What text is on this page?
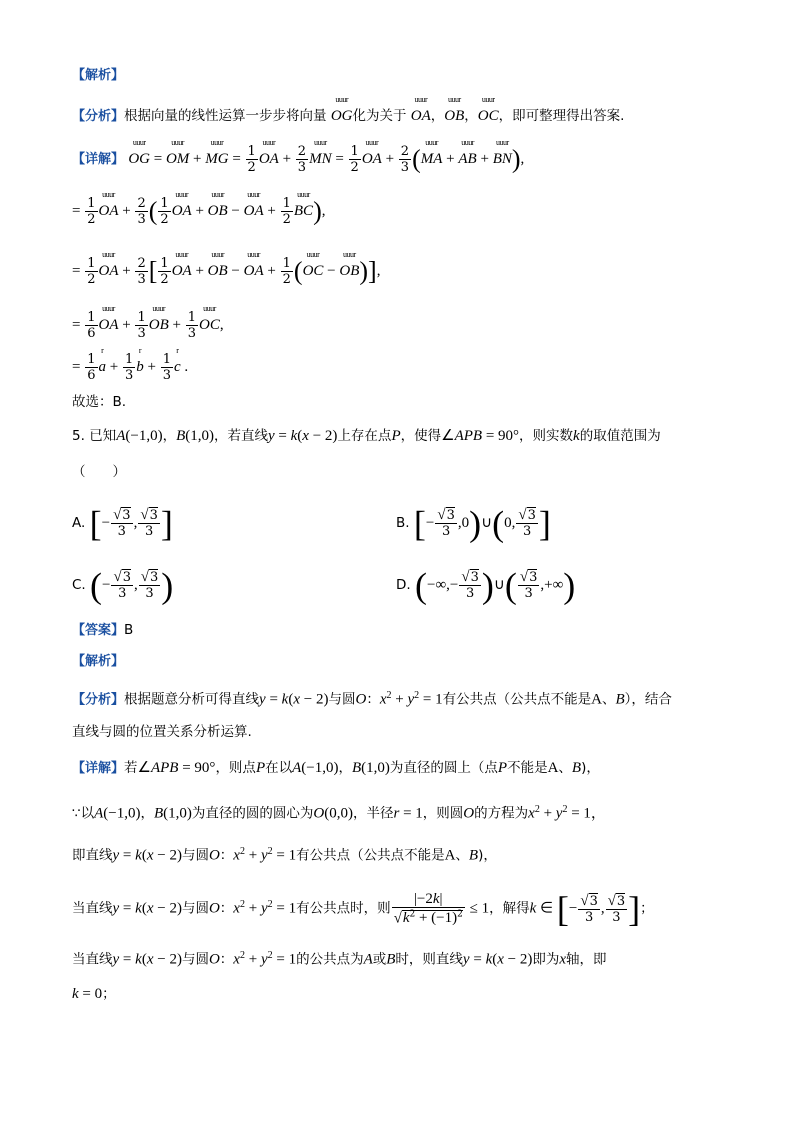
【解析】
【分析】根据向量的线性运算一步步将向量 uuur OG化为关于 uuur OA，uuur OB，uuur OC，即可整理得出答案.
【详解】 uuur OG = uuur OM + uuur MG = $\frac{1}{2}$ uuur OA + $\frac{2}{3}$ uuur MN = $\frac{1}{2}$ uuur OA + $\frac{2}{3}$ (uuur MA + uuur AB + uuur BN),
= $\frac{1}{2}$ uuur OA + $\frac{2}{3}$ ( $\frac{1}{2}$ uuur OA + uuur OB − uuur OA + $\frac{1}{2}$ uuur BC),
= $\frac{1}{2}$ uuur OA + $\frac{2}{3}$ [ $\frac{1}{2}$ uuur OA + uuur OB − uuur OA + $\frac{1}{2}$ (uuur OC − uuur OB)],
= $\frac{1}{6}$ uuur OA + $\frac{1}{3}$ uuur OB + $\frac{1}{3}$ uuur OC,
= $\frac{1}{6}$ r $a + \frac{1}{3}$ r $b + \frac{1}{3}$ r c .
故选：B.
5. 已知A(−1,0)，B(1,0)，若直线y = k(x − 2)上存在点P，使得∠APB = 90°，则实数k的取值范围为
（　　）
A. [− $\frac{√3}{3}$ , $\frac{√3}{3}$ ]	B. [− $\frac{√3}{3}$ ,0)∪(0, $\frac{√3}{3}$ ]
C. (− $\frac{√3}{3}$ , $\frac{√3}{3}$ )	D. (−∞,− $\frac{√3}{3}$ )∪( $\frac{√3}{3}$ ,+∞)
【答案】B
【解析】
【分析】根据题意分析可得直线y = k(x − 2)与圆O：$x^2 + y^2 = 1$有公共点（公共点不能是A、B），结合
直线与圆的位置关系分析运算.
【详解】若∠APB = 90°，则点P在以A(−1,0)，B(1,0)为直径的圆上（点P不能是A、B)，
∵以A(−1,0)，B(1,0)为直径的圆的圆心为O(0,0)，半径r = 1，则圆O的方程为$x^2 + y^2 = 1$，
即直线y = k(x − 2)与圆O：$x^2 + y^2 = 1$有公共点（公共点不能是A、B)，
当直线y = k(x − 2)与圆O：$x^2 + y^2 = 1$有公共点时，则 $\frac{|-2k|}{√k^2 + (-1)^2} \le 1$，解得k ∈ [− $\frac{√3}{3}$ , $\frac{√3}{3}$ ]；
当直线y = k(x − 2)与圆O：$x^2 + y^2 = 1$的公共点为A或B时，则直线y = k(x − 2)即为x轴，即
k = 0；
